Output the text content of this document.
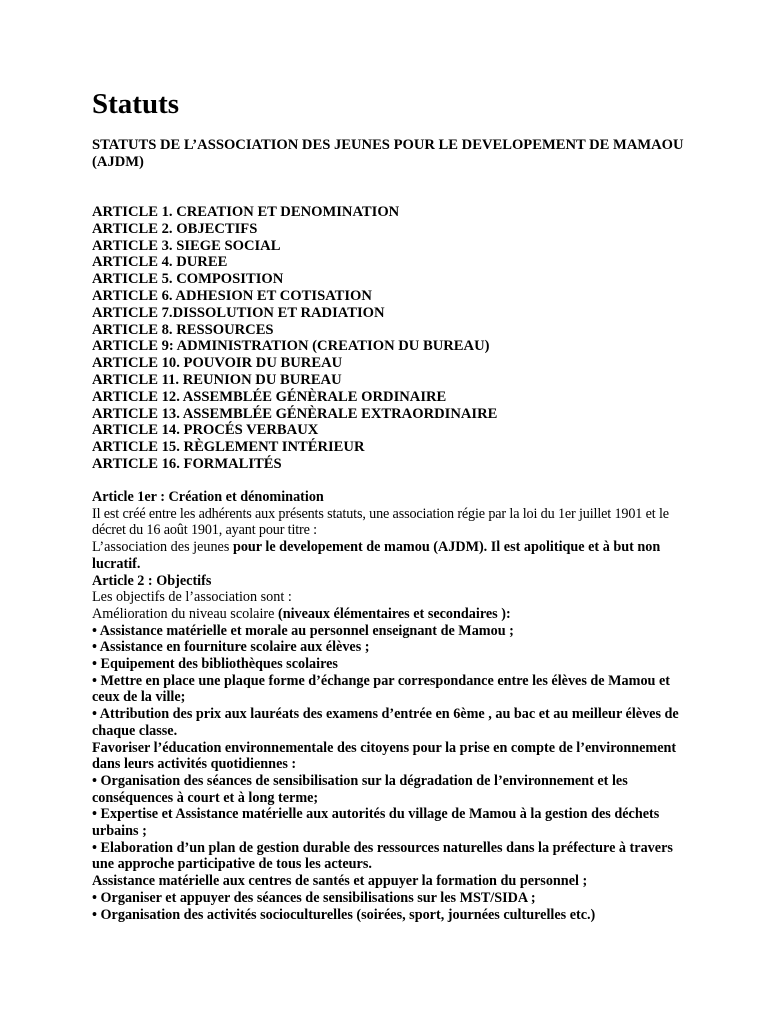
Statuts

STATUTS DE L’ASSOCIATION DES JEUNES POUR LE DEVELOPEMENT DE MAMAOU (AJDM)

ARTICLE 1. CREATION ET DENOMINATION
ARTICLE 2. OBJECTIFS
ARTICLE 3. SIEGE SOCIAL
ARTICLE 4. DUREE
ARTICLE 5. COMPOSITION
ARTICLE 6. ADHESION ET COTISATION
ARTICLE 7.DISSOLUTION ET RADIATION
ARTICLE 8. RESSOURCES
ARTICLE 9: ADMINISTRATION (CREATION DU BUREAU)
ARTICLE 10. POUVOIR DU BUREAU
ARTICLE 11. REUNION DU BUREAU
ARTICLE 12. ASSEMBLÉE GÉNÈRALE ORDINAIRE
ARTICLE 13. ASSEMBLÉE GÉNÈRALE EXTRAORDINAIRE
ARTICLE 14. PROCÉS VERBAUX
ARTICLE 15. RÈGLEMENT INTÉRIEUR
ARTICLE 16. FORMALITÉS

Article 1er : Création et dénomination

Il est créé entre les adhérents aux présents statuts, une association régie par la loi du 1er juillet 1901 et le décret du 16 août 1901, ayant pour titre :

L’association des jeunes pour le developement de mamou (AJDM). Il est apolitique et à but non lucratif.

Article 2 : Objectifs

Les objectifs de l’association sont :

Amélioration du niveau scolaire (niveaux élémentaires et secondaires ):

• Assistance matérielle et morale au personnel enseignant de Mamou ;

• Assistance en fourniture scolaire aux élèves ;

• Equipement des bibliothèques scolaires

• Mettre en place une plaque forme d’échange par correspondance entre les élèves de Mamou et ceux de la ville;

• Attribution des prix aux lauréats des examens d’entrée en 6ème , au bac et au meilleur élèves de chaque classe.

Favoriser l’éducation environnementale des citoyens pour la prise en compte de l’environnement dans leurs activités quotidiennes :

• Organisation des séances de sensibilisation sur la dégradation de l’environnement et les conséquences à court et à long terme;

• Expertise et Assistance matérielle aux autorités du village de Mamou à la gestion des déchets urbains ;

• Elaboration d’un plan de gestion durable des ressources naturelles dans la préfecture à travers une approche participative de tous les acteurs.

Assistance matérielle aux centres de santés et appuyer la formation du personnel ;

• Organiser et appuyer des séances de sensibilisations sur les MST/SIDA ;

• Organisation des activités socioculturelles (soirées, sport, journées culturelles etc.)
